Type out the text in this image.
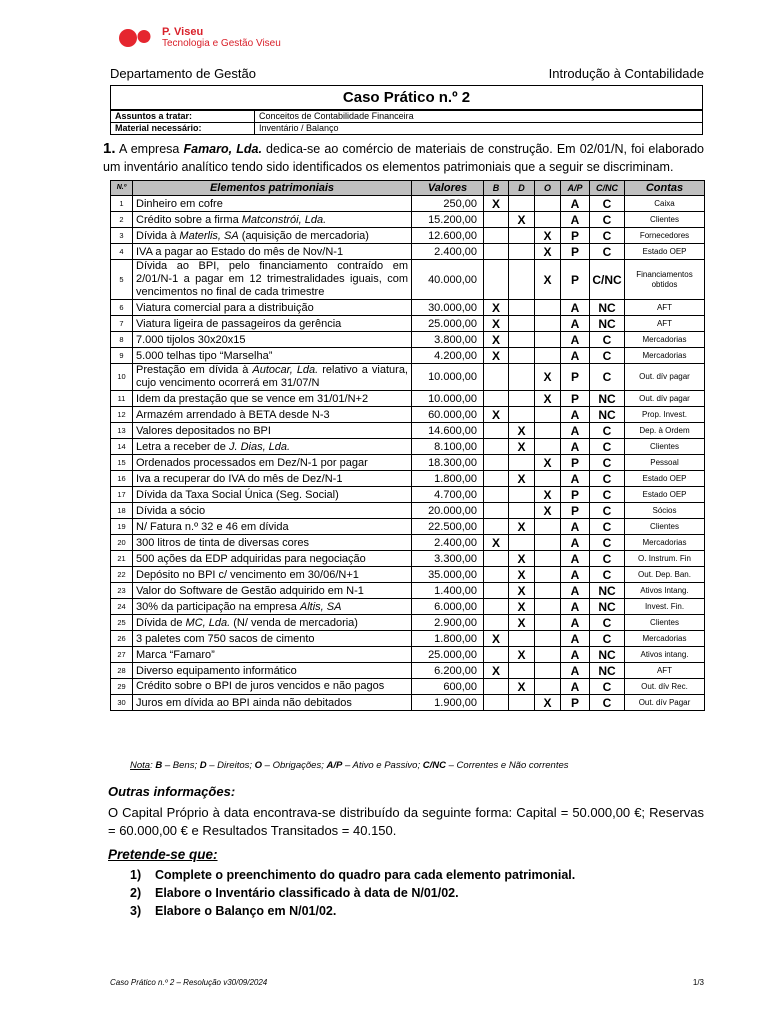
P. Viseu
Tecnologia e Gestão Viseu
Departamento de Gestão	Introdução à Contabilidade
Caso Prático n.º 2
Assuntos a tratar:	Conceitos de Contabilidade Financeira
Material necessário:	Inventário / Balanço
1. A empresa Famaro, Lda. dedica-se ao comércio de materiais de construção. Em 02/01/N, foi elaborado um inventário analítico tendo sido identificados os elementos patrimoniais que a seguir se discriminam.
N.º	Elementos patrimoniais	Valores	B	D	O	A/P	C/NC	Contas
1	Dinheiro em cofre	250,00	X			A	C	Caixa
2	Crédito sobre a firma Matconstrói, Lda.	15.200,00		X		A	C	Clientes
3	Dívida à Materlis, SA (aquisição de mercadoria)	12.600,00			X	P	C	Fornecedores
4	IVA a pagar ao Estado do mês de Nov/N-1	2.400,00			X	P	C	Estado OEP
5	Dívida ao BPI, pelo financiamento contraído em 2/01/N-1 a pagar em 12 trimestralidades iguais, com vencimentos no final de cada trimestre	40.000,00			X	P	C/NC	Financiamentos obtidos
6	Viatura comercial para a distribuição	30.000,00	X			A	NC	AFT
7	Viatura ligeira de passageiros da gerência	25.000,00	X			A	NC	AFT
8	7.000 tijolos 30x20x15	3.800,00	X			A	C	Mercadorias
9	5.000 telhas tipo “Marselha”	4.200,00	X			A	C	Mercadorias
10	Prestação em dívida à Autocar, Lda. relativo a viatura, cujo vencimento ocorrerá em 31/07/N	10.000,00			X	P	C	Out. dív pagar
11	Idem da prestação que se vence em 31/01/N+2	10.000,00			X	P	NC	Out. dív pagar
12	Armazém arrendado à BETA desde N-3	60.000,00	X			A	NC	Prop. Invest.
13	Valores depositados no BPI	14.600,00		X		A	C	Dep. à Ordem
14	Letra a receber de J. Dias, Lda.	8.100,00		X		A	C	Clientes
15	Ordenados processados em Dez/N-1 por pagar	18.300,00			X	P	C	Pessoal
16	Iva a recuperar do IVA do mês de Dez/N-1	1.800,00		X		A	C	Estado OEP
17	Dívida da Taxa Social Única (Seg. Social)	4.700,00			X	P	C	Estado OEP
18	Dívida a sócio	20.000,00			X	P	C	Sócios
19	N/ Fatura n.º 32 e 46 em dívida	22.500,00		X		A	C	Clientes
20	300 litros de tinta de diversas cores	2.400,00	X			A	C	Mercadorias
21	500 ações da EDP adquiridas para negociação	3.300,00		X		A	C	O. Instrum. Fin
22	Depósito no BPI c/ vencimento em 30/06/N+1	35.000,00		X		A	C	Out. Dep. Ban.
23	Valor do Software de Gestão adquirido em N-1	1.400,00		X		A	NC	Ativos Intang.
24	30% da participação na empresa Altis, SA	6.000,00		X		A	NC	Invest. Fin.
25	Dívida de MC, Lda. (N/ venda de mercadoria)	2.900,00		X		A	C	Clientes
26	3 paletes com 750 sacos de cimento	1.800,00	X			A	C	Mercadorias
27	Marca “Famaro”	25.000,00		X		A	NC	Ativos intang.
28	Diverso equipamento informático	6.200,00	X			A	NC	AFT
29	Crédito sobre o BPI de juros vencidos e não pagos	600,00		X		A	C	Out. dív Rec.
30	Juros em dívida ao BPI ainda não debitados	1.900,00			X	P	C	Out. dív Pagar
Nota: B – Bens; D – Direitos; O – Obrigações; A/P – Ativo e Passivo; C/NC – Correntes e Não correntes
Outras informações:
O Capital Próprio à data encontrava-se distribuído da seguinte forma: Capital = 50.000,00 €; Reservas = 60.000,00 € e Resultados Transitados = 40.150.
Pretende-se que:
1) Complete o preenchimento do quadro para cada elemento patrimonial.
2) Elabore o Inventário classificado à data de N/01/02.
3) Elabore o Balanço em N/01/02.
Caso Prático n.º 2 – Resolução v30/09/2024	1/3
